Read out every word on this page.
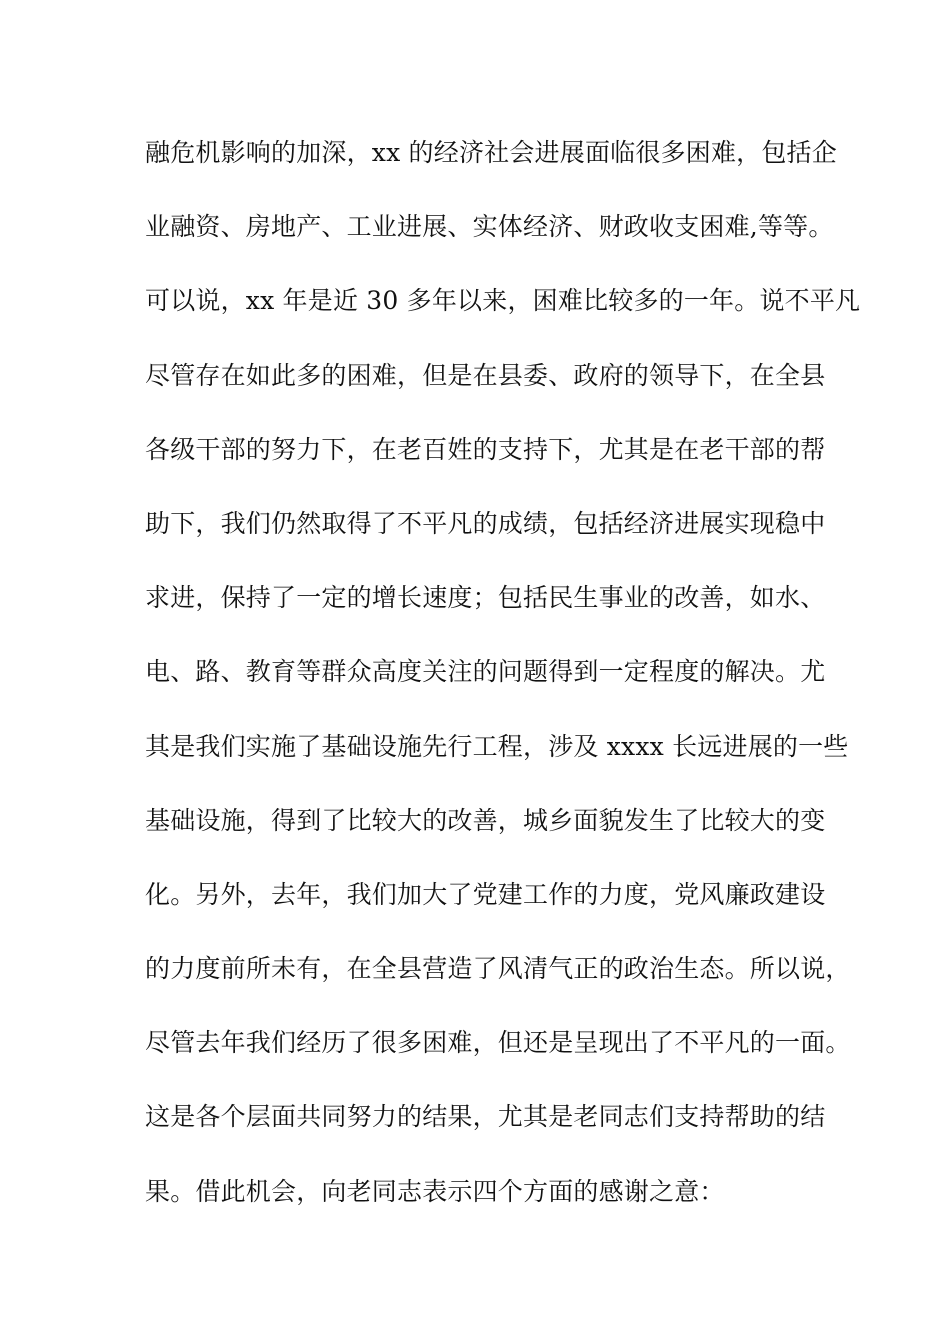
融危机影响的加深，xx 的经济社会进展面临很多困难，包括企
业融资、房地产、工业进展、实体经济、财政收支困难,等等。
可以说，xx 年是近 30 多年以来，困难比较多的一年。说不平凡
尽管存在如此多的困难，但是在县委、政府的领导下，在全县
各级干部的努力下，在老百姓的支持下，尤其是在老干部的帮
助下，我们仍然取得了不平凡的成绩，包括经济进展实现稳中
求进，保持了一定的增长速度；包括民生事业的改善，如水、
电、路、教育等群众高度关注的问题得到一定程度的解决。尤
其是我们实施了基础设施先行工程，涉及 xxxx 长远进展的一些
基础设施，得到了比较大的改善，城乡面貌发生了比较大的变
化。另外，去年，我们加大了党建工作的力度，党风廉政建设
的力度前所未有，在全县营造了风清气正的政治生态。所以说，
尽管去年我们经历了很多困难，但还是呈现出了不平凡的一面。
这是各个层面共同努力的结果，尤其是老同志们支持帮助的结
果。借此机会，向老同志表示四个方面的感谢之意：
